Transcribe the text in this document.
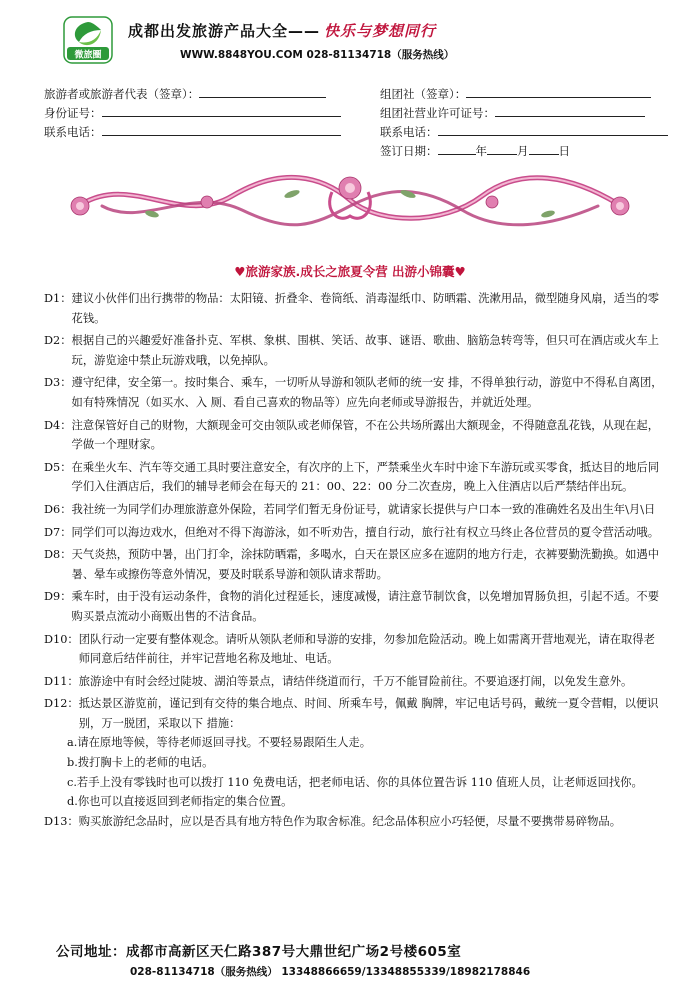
微旅圈
成都出发旅游产品大全—— 快乐与梦想同行
WWW.8848YOU.COM 028-81134718（服务热线）
旅游者或旅游者代表（签章）：
身份证号：
联系电话：
组团社（签章）：
组团社营业许可证号：
联系电话：
签订日期：	年	月	日
♥旅游家族.成长之旅夏令营 出游小锦囊♥
D1： 建议小伙伴们出行携带的物品：太阳镜、折叠伞、卷筒纸、消毒湿纸巾、防晒霜、洗漱用品，微型随身风扇，适当的零花钱。
D2： 根据自己的兴趣爱好准备扑克、军棋、象棋、围棋、笑话、故事、谜语、歌曲、脑筋急转弯等，但只可在酒店或火车上玩，游览途中禁止玩游戏哦，以免掉队。
D3： 遵守纪律，安全第一。按时集合、乘车，一切听从导游和领队老师的统一安 排，不得单独行动，游览中不得私自离团，如有特殊情况（如买水、入 厕、看自己喜欢的物品等）应先向老师或导游报告，并就近处理。
D4： 注意保管好自己的财物，大额现金可交由领队或老师保管，不在公共场所露出大额现金，不得随意乱花钱，从现在起，学做一个理财家。
D5： 在乘坐火车、汽车等交通工具时要注意安全，有次序的上下，严禁乘坐火车时中途下车游玩或买零食，抵达目的地后同学们入住酒店后，我们的辅导老师会在每天的 21：00、22：00 分二次查房，晚上入住酒店以后严禁结伴出玩。
D6： 我社统一为同学们办理旅游意外保险，若同学们暂无身份证号，就请家长提供与户口本一致的准确姓名及出生年\月\日
D7： 同学们可以海边戏水，但绝对不得下海游泳，如不听劝告，擅自行动，旅行社有权立马终止各位营员的夏令营活动哦。
D8： 天气炎热，预防中暑，出门打伞，涂抹防晒霜，多喝水，白天在景区应多在遮阴的地方行走，衣裤要勤洗勤换。如遇中暑、晕车或擦伤等意外情况，要及时联系导游和领队请求帮助。
D9： 乘车时，由于没有运动条件，食物的消化过程延长，速度减慢，请注意节制饮食，以免增加胃肠负担，引起不适。不要购买景点流动小商贩出售的不洁食品。
D10： 团队行动一定要有整体观念。请听从领队老师和导游的安排，勿参加危险活动。晚上如需离开营地观光，请在取得老师同意后结伴前往，并牢记营地名称及地址、电话。
D11： 旅游途中有时会经过陡坡、湖泊等景点，请结伴绕道而行，千万不能冒险前往。不要追逐打闹，以免发生意外。
D12： 抵达景区游览前，谨记到有交待的集合地点、时间、所乘车号，佩戴 胸牌，牢记电话号码，戴统一夏令营帽，以便识别，万一脱团，采取以下 措施：
a.请在原地等候，等待老师返回寻找。不要轻易跟陌生人走。
b.拨打胸卡上的老师的电话。
c.若手上没有零钱时也可以拨打 110 免费电话，把老师电话、你的具体位置告诉 110 值班人员，让老师返回找你。
d.你也可以直接返回到老师指定的集合位置。
D13： 购买旅游纪念品时，应以是否具有地方特色作为取舍标准。纪念品体积应小巧轻便，尽量不要携带易碎物品。
公司地址：成都市高新区天仁路387号大鼎世纪广场2号楼605室
028-81134718（服务热线） 13348866659/13348855339/18982178846
